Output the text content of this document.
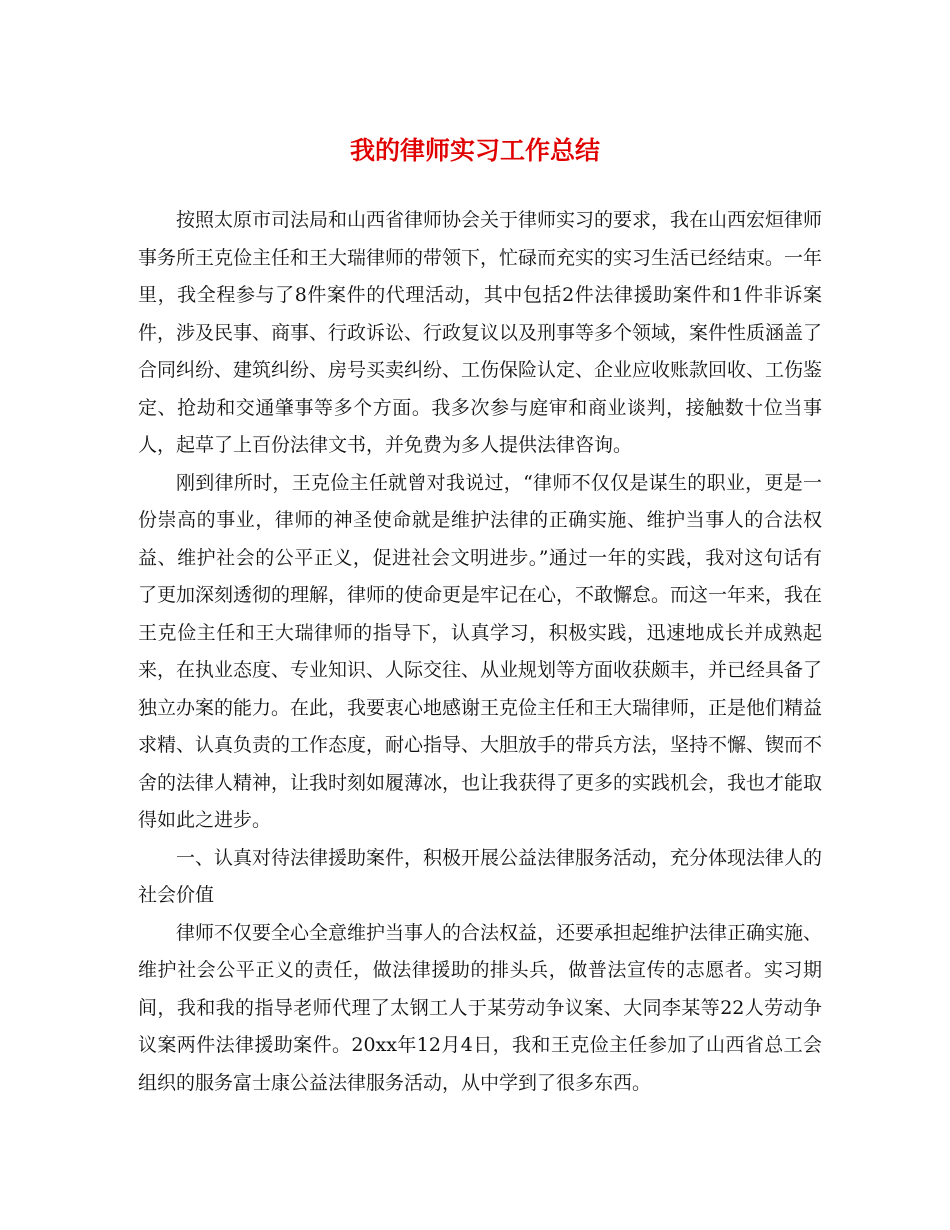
我的律师实习工作总结

按照太原市司法局和山西省律师协会关于律师实习的要求，我在山西宏烜律师事务所王克俭主任和王大瑞律师的带领下，忙碌而充实的实习生活已经结束。一年里，我全程参与了8件案件的代理活动，其中包括2件法律援助案件和1件非诉案件，涉及民事、商事、行政诉讼、行政复议以及刑事等多个领域，案件性质涵盖了合同纠纷、建筑纠纷、房号买卖纠纷、工伤保险认定、企业应收账款回收、工伤鉴定、抢劫和交通肇事等多个方面。我多次参与庭审和商业谈判，接触数十位当事人，起草了上百份法律文书，并免费为多人提供法律咨询。

刚到律所时，王克俭主任就曾对我说过，“律师不仅仅是谋生的职业，更是一份崇高的事业，律师的神圣使命就是维护法律的正确实施、维护当事人的合法权益、维护社会的公平正义，促进社会文明进步。”通过一年的实践，我对这句话有了更加深刻透彻的理解，律师的使命更是牢记在心，不敢懈怠。而这一年来，我在王克俭主任和王大瑞律师的指导下，认真学习，积极实践，迅速地成长并成熟起来，在执业态度、专业知识、人际交往、从业规划等方面收获颇丰，并已经具备了独立办案的能力。在此，我要衷心地感谢王克俭主任和王大瑞律师，正是他们精益求精、认真负责的工作态度，耐心指导、大胆放手的带兵方法，坚持不懈、锲而不舍的法律人精神，让我时刻如履薄冰，也让我获得了更多的实践机会，我也才能取得如此之进步。

一、认真对待法律援助案件，积极开展公益法律服务活动，充分体现法律人的社会价值

律师不仅要全心全意维护当事人的合法权益，还要承担起维护法律正确实施、维护社会公平正义的责任，做法律援助的排头兵，做普法宣传的志愿者。实习期间，我和我的指导老师代理了太钢工人于某劳动争议案、大同李某等22人劳动争议案两件法律援助案件。20xx年12月4日，我和王克俭主任参加了山西省总工会组织的服务富士康公益法律服务活动，从中学到了很多东西。
